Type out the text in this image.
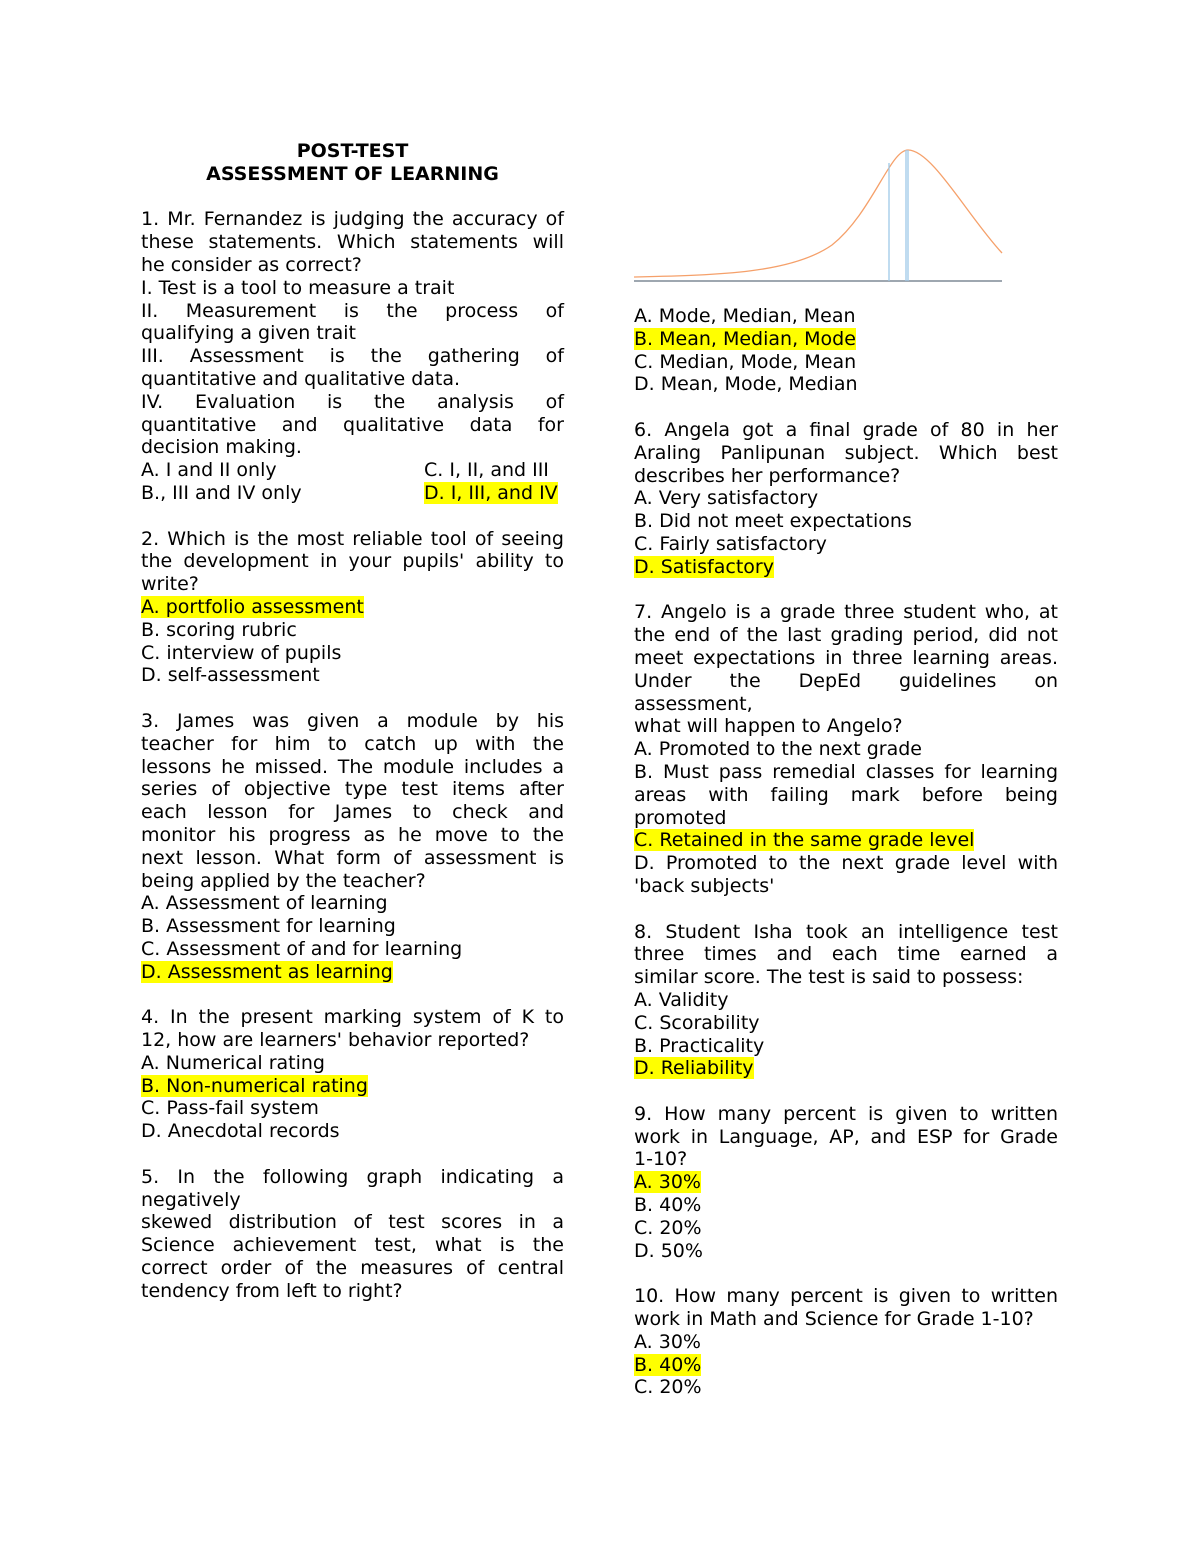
POST-TEST
ASSESSMENT OF LEARNING
1. Mr. Fernandez is judging the accuracy of
these statements. Which statements will
he consider as correct?
I. Test is a tool to measure a trait
II. Measurement is the process of
qualifying a given trait
III. Assessment is the gathering of
quantitative and qualitative data.
IV. Evaluation is the analysis of
quantitative and qualitative data for
decision making.
A. I and II only	C. I, II, and III
B., III and IV only	D. I, III, and IV
2. Which is the most reliable tool of seeing
the development in your pupils' ability to
write?
A. portfolio assessment
B. scoring rubric
C. interview of pupils
D. self-assessment
3. James was given a module by his
teacher for him to catch up with the
lessons he missed. The module includes a
series of objective type test items after
each lesson for James to check and
monitor his progress as he move to the
next lesson. What form of assessment is
being applied by the teacher?
A. Assessment of learning
B. Assessment for learning
C. Assessment of and for learning
D. Assessment as learning
4. In the present marking system of K to
12, how are learners' behavior reported?
A. Numerical rating
B. Non-numerical rating
C. Pass-fail system
D. Anecdotal records
5. In the following graph indicating a
negatively
skewed distribution of test scores in a
Science achievement test, what is the
correct order of the measures of central
tendency from left to right?
A. Mode, Median, Mean
B. Mean, Median, Mode
C. Median, Mode, Mean
D. Mean, Mode, Median
6. Angela got a final grade of 80 in her
Araling Panlipunan subject. Which best
describes her performance?
A. Very satisfactory
B. Did not meet expectations
C. Fairly satisfactory
D. Satisfactory
7. Angelo is a grade three student who, at
the end of the last grading period, did not
meet expectations in three learning areas.
Under the DepEd guidelines on
assessment,
what will happen to Angelo?
A. Promoted to the next grade
B. Must pass remedial classes for learning
areas with failing mark before being
promoted
C. Retained in the same grade level
D. Promoted to the next grade level with
'back subjects'
8. Student Isha took an intelligence test
three times and each time earned a
similar score. The test is said to possess:
A. Validity
C. Scorability
B. Practicality
D. Reliability
9. How many percent is given to written
work in Language, AP, and ESP for Grade
1-10?
A. 30%
B. 40%
C. 20%
D. 50%
10. How many percent is given to written
work in Math and Science for Grade 1-10?
A. 30%
B. 40%
C. 20%
